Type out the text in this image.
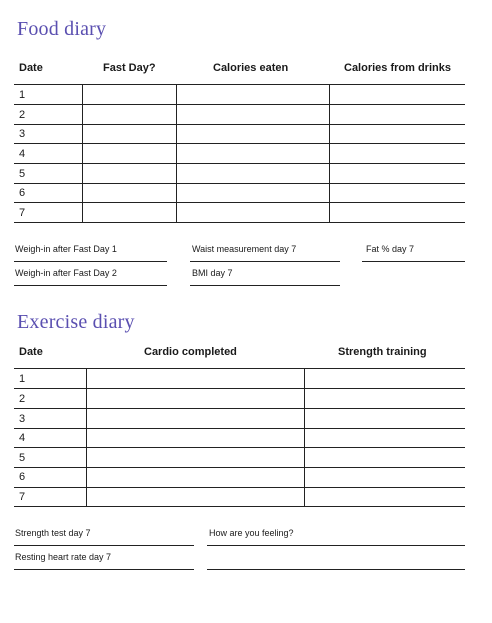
Food diary
Date	Fast Day?	Calories eaten	Calories from drinks
1
2
3
4
5
6
7
Weigh-in after Fast Day 1	Waist measurement day 7	Fat % day 7
Weigh-in after Fast Day 2	BMI day 7
Exercise diary
Date	Cardio completed	Strength training
1
2
3
4
5
6
7
Strength test day 7	How are you feeling?
Resting heart rate day 7
